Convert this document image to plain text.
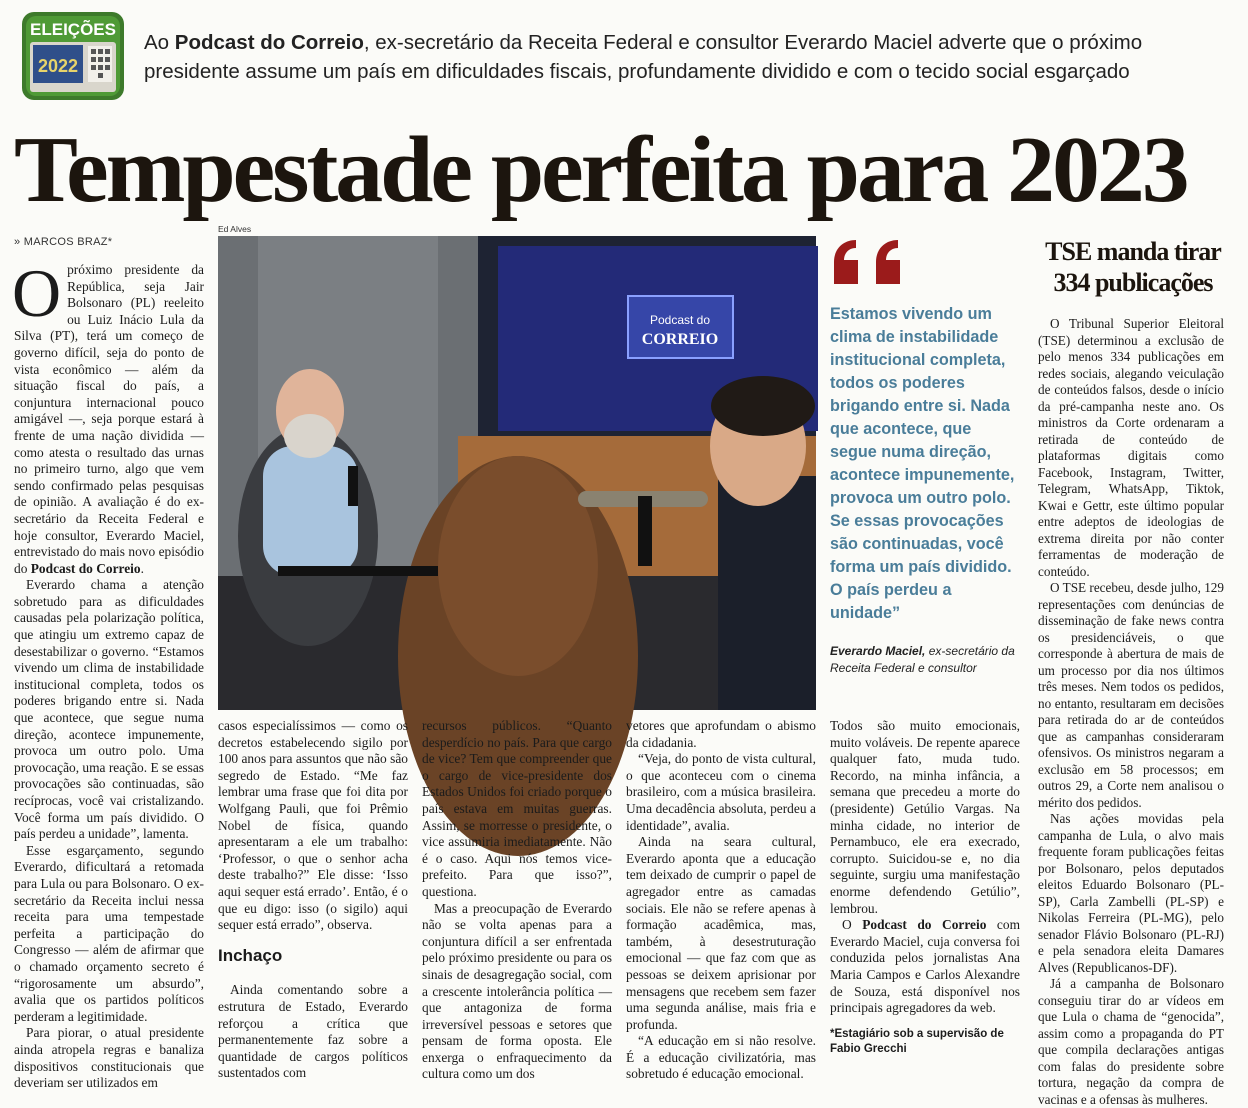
ELEIÇÕES
2022
Ao Podcast do Correio, ex-secretário da Receita Federal e consultor Everardo Maciel adverte que o próximo presidente assume um país em dificuldades fiscais, profundamente dividido e com o tecido social esgarçado
Tempestade perfeita para 2023
» MARCOS BRAZ*
Ed Alves

Opróximo presidente da República, seja Jair Bolsonaro (PL) reeleito ou Luiz Inácio Lula da Silva (PT), terá um começo de governo difícil, seja do ponto de vista econômico — além da situação fiscal do país, a conjuntura internacional pouco amigável —, seja porque estará à frente de uma nação dividida — como atesta o resultado das urnas no primeiro turno, algo que vem sendo confirmado pelas pesquisas de opinião. A avaliação é do ex-secretário da Receita Federal e hoje consultor, Everardo Maciel, entrevistado do mais novo episódio do Podcast do Correio.

Everardo chama a atenção sobretudo para as dificuldades causadas pela polarização política, que atingiu um extremo capaz de desestabilizar o governo. “Estamos vivendo um clima de instabilidade institucional completa, todos os poderes brigando entre si. Nada que acontece, que segue numa direção, acontece impunemente, provoca um outro polo. Uma provocação, uma reação. E se essas provocações são continuadas, são recíprocas, você vai cristalizando. Você forma um país dividido. O país perdeu a unidade”, lamenta.

Esse esgarçamento, segundo Everardo, dificultará a retomada para Lula ou para Bolsonaro. O ex-secretário da Receita inclui nessa receita para uma tempestade perfeita a participação do Congresso — além de afirmar que o chamado orçamento secreto é “rigorosamente um absurdo”, avalia que os partidos políticos perderam a legitimidade.

Para piorar, o atual presidente ainda atropela regras e banaliza dispositivos constitucionais que deveriam ser utilizados em

Podcast do
CORREIO

casos especialíssimos — como os decretos estabelecendo sigilo por 100 anos para assuntos que não são segredo de Estado. “Me faz lembrar uma frase que foi dita por Wolfgang Pauli, que foi Prêmio Nobel de física, quando apresentaram a ele um trabalho: ‘Professor, o que o senhor acha deste trabalho?” Ele disse: ‘Isso aqui sequer está errado’. Então, é o que eu digo: isso (o sigilo) aqui sequer está errado”, observa.

Inchaço

Ainda comentando sobre a estrutura de Estado, Everardo reforçou a crítica que permanentemente faz sobre a quantidade de cargos políticos sustentados com

recursos públicos. “Quanto desperdício no país. Para que cargo de vice? Tem que compreender que o cargo de vice-presidente dos Estados Unidos foi criado porque o país estava em muitas guerras. Assim, se morresse o presidente, o vice assumiria imediatamente. Não é o caso. Aqui nós temos vice-prefeito. Para que isso?”, questiona.

Mas a preocupação de Everardo não se volta apenas para a conjuntura difícil a ser enfrentada pelo próximo presidente ou para os sinais de desagregação social, com a crescente intolerância política — que antagoniza de forma irreversível pessoas e setores que pensam de forma oposta. Ele enxerga o enfraquecimento da cultura como um dos

vetores que aprofundam o abismo da cidadania.

“Veja, do ponto de vista cultural, o que aconteceu com o cinema brasileiro, com a música brasileira. Uma decadência absoluta, perdeu a identidade”, avalia.

Ainda na seara cultural, Everardo aponta que a educação tem deixado de cumprir o papel de agregador entre as camadas sociais. Ele não se refere apenas à formação acadêmica, mas, também, à desestruturação emocional — que faz com que as pessoas se deixem aprisionar por mensagens que recebem sem fazer uma segunda análise, mais fria e profunda.

“A educação em si não resolve. É a educação civilizatória, mas sobretudo é educação emocional.

Estamos vivendo um clima de instabilidade institucional completa, todos os poderes brigando entre si. Nada que acontece, que segue numa direção, acontece impunemente, provoca um outro polo. Se essas provocações são continuadas, você forma um país dividido. O país perdeu a unidade”
Everardo Maciel, ex-secretário da Receita Federal e consultor

Todos são muito emocionais, muito voláveis. De repente aparece qualquer fato, muda tudo. Recordo, na minha infância, a semana que precedeu a morte do (presidente) Getúlio Vargas. Na minha cidade, no interior de Pernambuco, ele era execrado, corrupto. Suicidou-se e, no dia seguinte, surgiu uma manifestação enorme defendendo Getúlio”, lembrou.

O Podcast do Correio com Everardo Maciel, cuja conversa foi conduzida pelos jornalistas Ana Maria Campos e Carlos Alexandre de Souza, está disponível nos principais agregadores da web.

*Estagiário sob a supervisão de Fabio Grecchi

TSE manda tirar 334 publicações

O Tribunal Superior Eleitoral (TSE) determinou a exclusão de pelo menos 334 publicações em redes sociais, alegando veiculação de conteúdos falsos, desde o início da pré-campanha neste ano. Os ministros da Corte ordenaram a retirada de conteúdo de plataformas digitais como Facebook, Instagram, Twitter, Telegram, WhatsApp, Tiktok, Kwai e Gettr, este último popular entre adeptos de ideologias de extrema direita por não conter ferramentas de moderação de conteúdo.

O TSE recebeu, desde julho, 129 representações com denúncias de disseminação de fake news contra os presidenciáveis, o que corresponde à abertura de mais de um processo por dia nos últimos três meses. Nem todos os pedidos, no entanto, resultaram em decisões para retirada do ar de conteúdos que as campanhas consideraram ofensivos. Os ministros negaram a exclusão em 58 processos; em outros 29, a Corte nem analisou o mérito dos pedidos.

Nas ações movidas pela campanha de Lula, o alvo mais frequente foram publicações feitas por Bolsonaro, pelos deputados eleitos Eduardo Bolsonaro (PL-SP), Carla Zambelli (PL-SP) e Nikolas Ferreira (PL-MG), pelo senador Flávio Bolsonaro (PL-RJ) e pela senadora eleita Damares Alves (Republicanos-DF).

Já a campanha de Bolsonaro conseguiu tirar do ar vídeos em que Lula o chama de “genocida”, assim como a propaganda do PT que compila declarações antigas com falas do presidente sobre tortura, negação da compra de vacinas e a ofensas às mulheres.
